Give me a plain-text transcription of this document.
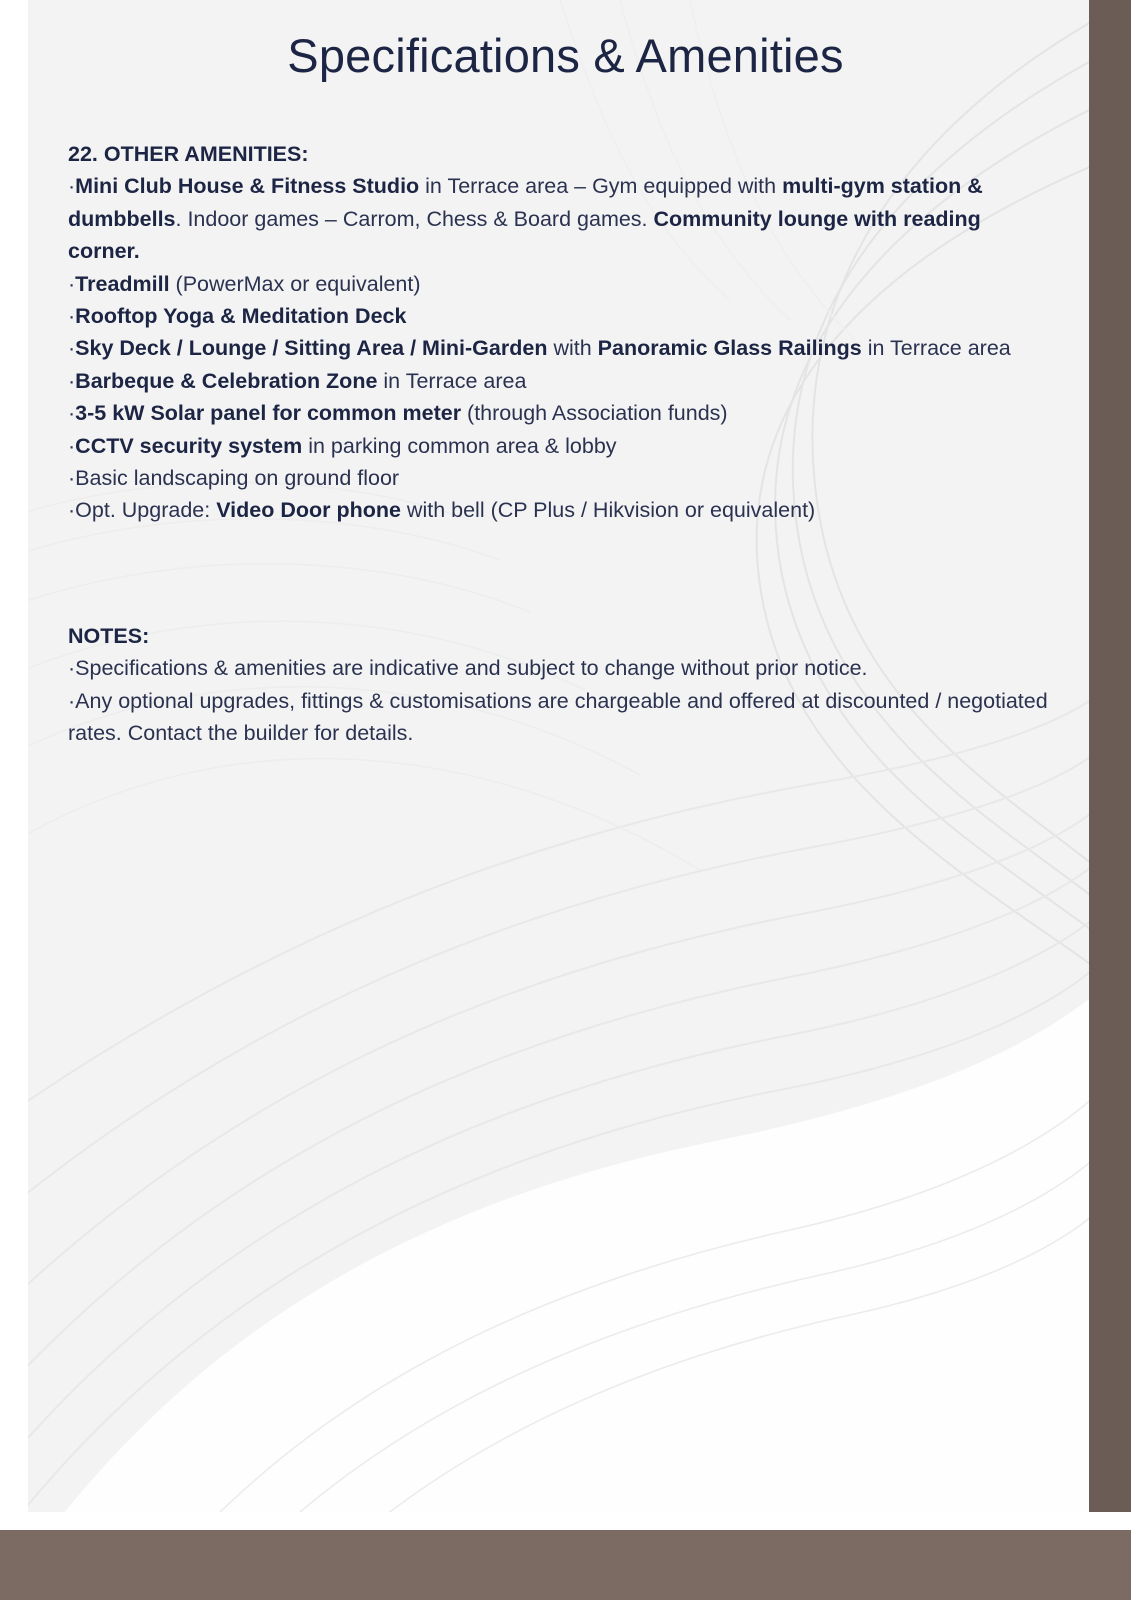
Specifications & Amenities
22. OTHER AMENITIES:
·Mini Club House & Fitness Studio in Terrace area – Gym equipped with multi-gym station & dumbbells. Indoor games – Carrom, Chess & Board games. Community lounge with reading corner.
·Treadmill (PowerMax or equivalent)
·Rooftop Yoga & Meditation Deck
·Sky Deck / Lounge / Sitting Area / Mini-Garden with Panoramic Glass Railings in Terrace area
·Barbeque & Celebration Zone in Terrace area
·3-5 kW Solar panel for common meter (through Association funds)
·CCTV security system in parking common area & lobby
·Basic landscaping on ground floor
·Opt. Upgrade: Video Door phone with bell (CP Plus / Hikvision or equivalent)
NOTES:
·Specifications & amenities are indicative and subject to change without prior notice.
·Any optional upgrades, fittings & customisations are chargeable and offered at discounted / negotiated rates. Contact the builder for details.
